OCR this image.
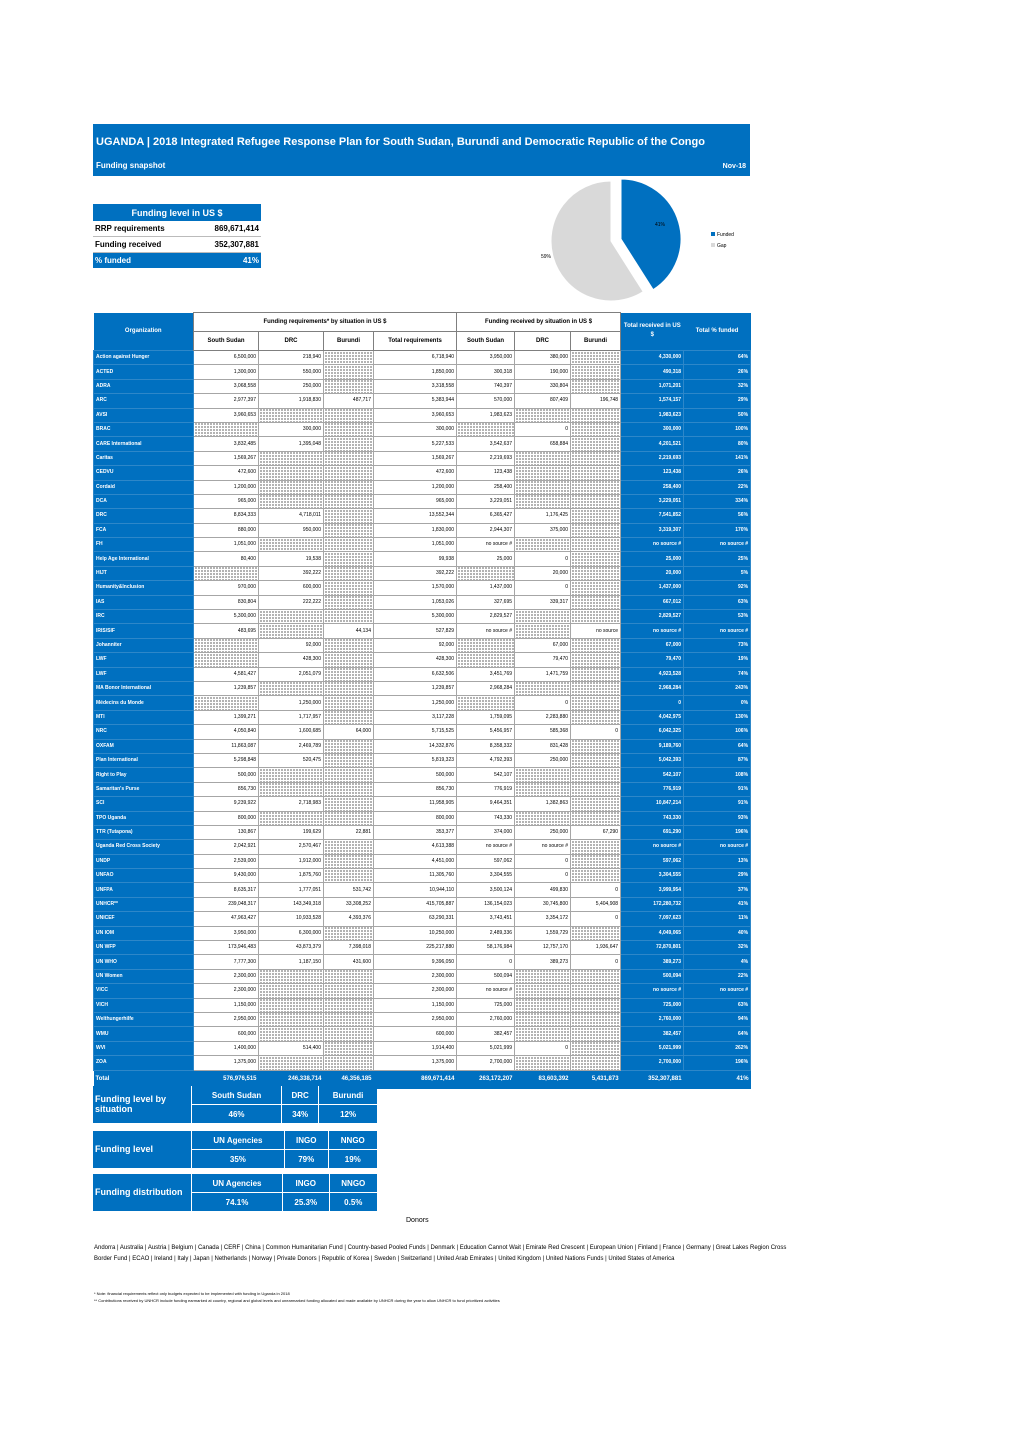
UGANDA | 2018 Integrated Refugee Response Plan for South Sudan, Burundi and Democratic Republic of the Congo
Funding snapshot	Nov-18
Funding level in US $	
RRP requirements	869,671,414
Funding received	352,307,881
% funded	41%
41%
59%
Funded
Gap
Organization	Funding requirements* by situation in US $				Funding received by situation in US $			Total received in US $	Total % funded
	South Sudan	DRC	Burundi	Total requirements	South Sudan	DRC	Burundi		
Action against Hunger	6,500,000	218,940		6,718,940	3,950,000	380,000		4,330,000	64%
ACTED	1,300,000	550,000		1,850,000	300,318	190,000		490,318	26%
ADRA	3,068,558	250,000		3,318,558	740,397	330,804		1,071,201	32%
ARC	2,977,397	1,918,830	487,717	5,383,944	570,000	807,409	196,748	1,574,157	29%
AVSI	3,960,653			3,960,653	1,983,623			1,983,623	50%
BRAC		300,000		300,000		0		300,000	100%
CARE International	3,832,485	1,395,048		5,227,533	3,542,637	658,884		4,201,521	80%
Caritas	1,569,267			1,569,267	2,219,693			2,219,693	141%
CEDVU	472,600			472,600	123,438			123,438	26%
Cordaid	1,200,000			1,200,000	258,400			258,400	22%
DCA	965,000			965,000	3,229,051			3,229,051	334%
DRC	8,834,333	4,718,011		13,552,344	6,365,427	1,176,425		7,541,852	56%
FCA	880,000	950,000		1,830,000	2,944,307	375,000		3,319,307	170%
FH	1,051,000			1,051,000	no source #			no source #	no source #
Help Age International	80,400	19,538		99,938	25,000	0		25,000	25%
HIJT		392,222		392,222		20,000		20,000	5%
Humanity&Inclusion	970,000	600,000		1,570,000	1,437,000	0		1,437,000	92%
IAS	830,804	222,222		1,053,026	327,695	339,317		667,012	63%
IRC	5,300,000			5,300,000	2,829,527			2,829,527	53%
IRIS/SIF	483,695		44,134	527,829	no source #		no source	no source #	no source #
Johanniter		92,000		92,000		67,000		67,000	73%
LWF		428,300		428,300		79,470		79,470	19%
LWF	4,581,427	2,051,079		6,632,506	3,451,769	1,471,759		4,923,528	74%
MA Bonor International	1,239,857			1,239,857	2,968,284			2,968,284	243%
Médecins du Monde		1,250,000		1,250,000		0		0	0%
MTI	1,399,271	1,717,957		3,117,228	1,759,095	2,283,880		4,042,975	130%
NRC	4,050,840	1,600,685	64,000	5,715,525	5,456,957	585,368	0	6,042,325	106%
OXFAM	11,863,087	2,469,789		14,332,876	8,358,332	831,428		9,189,760	64%
Plan International	5,298,848	520,475		5,819,323	4,792,393	250,000		5,042,393	87%
Right to Play	500,000			500,000	542,107			542,107	108%
Samaritan's Purse	856,730			856,730	776,919			776,919	91%
SCI	9,239,922	2,718,983		11,958,905	9,464,351	1,382,863		10,847,214	91%
TPO Uganda	800,000			800,000	743,330			743,330	93%
TTR (Tutapona)	130,867	199,629	22,881	353,377	374,000	250,000	67,290	691,290	196%
Uganda Red Cross Society	2,042,921	2,570,467		4,613,388	no source #	no source #		no source #	no source #
UNDP	2,539,000	1,912,000		4,451,000	597,062	0		597,062	13%
UNFAO	9,430,000	1,875,760		11,305,760	3,304,555	0		3,304,555	29%
UNFPA	8,635,317	1,777,051	531,742	10,944,110	3,500,124	499,830	0	3,999,954	37%
UNHCR**	239,048,317	143,349,318	33,308,252	415,705,887	136,154,023	30,745,800	5,404,908	172,280,732	41%
UNICEF	47,963,427	10,933,528	4,393,376	63,290,331	3,743,451	3,354,172	0	7,097,623	11%
UN IOM	3,950,000	6,300,000		10,250,000	2,489,336	1,559,729		4,049,065	40%
UN WFP	173,946,483	43,873,379	7,398,018	225,217,880	58,176,984	12,757,170	1,936,647	72,870,801	32%
UN WHO	7,777,300	1,187,150	431,600	9,396,050	0	389,273	0	389,273	4%
UN Women	2,300,000			2,300,000	500,094			500,094	22%
VICC	2,300,000			2,300,000	no source #			no source #	no source #
VICH	1,150,000			1,150,000	725,000			725,000	63%
Welthungerhilfe	2,950,000			2,950,000	2,760,000			2,760,000	94%
WMU	600,000			600,000	382,457			382,457	64%
WVI	1,400,000	514,400		1,914,400	5,021,999	0		5,021,999	262%
ZOA	1,375,000			1,375,000	2,700,000			2,700,000	196%
Total	576,976,515	246,338,714	46,356,185	869,671,414	263,172,207	83,603,392	5,431,873	352,307,881	41%
Funding level by situation	South Sudan	DRC	Burundi
	46%	34%	12%
Funding level	UN Agencies	INGO	NNGO
	35%	79%	19%
Funding distribution	UN Agencies	INGO	NNGO
	74.1%	25.3%	0.5%
Donors
Andorra | Australia | Austria | Belgium | Canada | CERF | China | Common Humanitarian Fund | Country-based Pooled Funds | Denmark | Education Cannot Wait | Emirate Red Crescent | European Union | Finland | France | Germany | Great Lakes Region Cross Border Fund | ECAO | Ireland | Italy | Japan | Netherlands | Norway | Private Donors | Republic of Korea | Sweden | Switzerland | United Arab Emirates | United Kingdom | United Nations Funds | United States of America
* Note: financial requirements reflect only budgets expected to be implemented with funding in Uganda in 2018
** Contributions received by UNHCR include funding earmarked at country, regional and global levels and unearmarked funding allocated and made available by UNHCR during the year to allow UNHCR to fund prioritized activities
